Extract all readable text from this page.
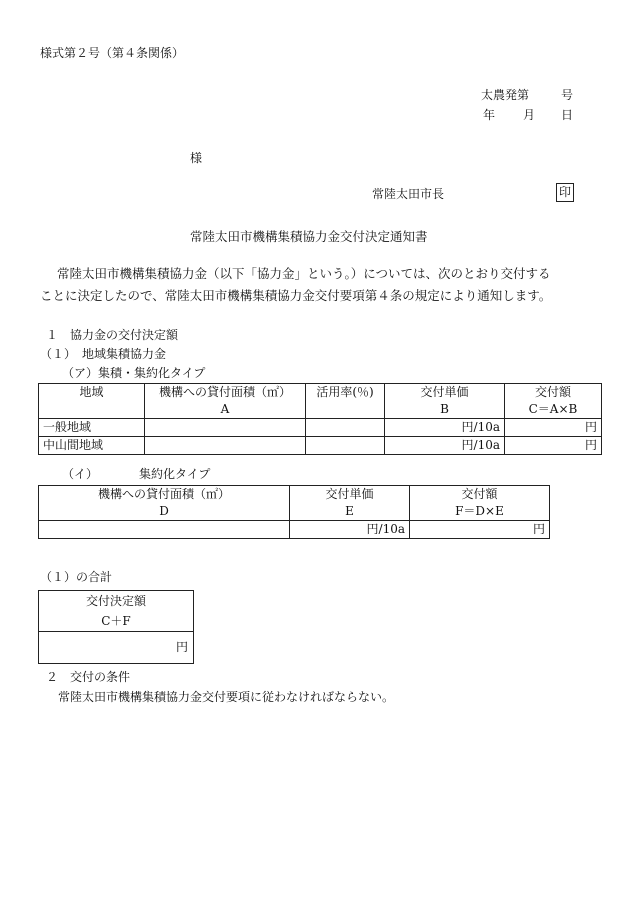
様式第２号（第４条関係）
太農発第	号
年 月 日
様
常陸太田市長	印
常陸太田市機構集積協力金交付決定通知書

常陸太田市機構集積協力金（以下「協力金」という。）については、次のとおり交付する

ことに決定したので、常陸太田市機構集積協力金交付要項第４条の規定により通知します。

１　協力金の交付決定額
（１）　地域集積協力金
（ア）集積・集約化タイプ
地域	機構への貸付面積（㎡）	活用率(％)	交付単価	交付額
	A		B	C＝A×B
一般地域			円/10a	円
中山間地域			円/10a	円
（イ）	集約化タイプ
機構への貸付面積（㎡）	交付単価	交付額
D	E	F＝D×E
	円/10a	円
（１）の合計
交付決定額
C＋F
円
２　交付の条件
常陸太田市機構集積協力金交付要項に従わなければならない。
